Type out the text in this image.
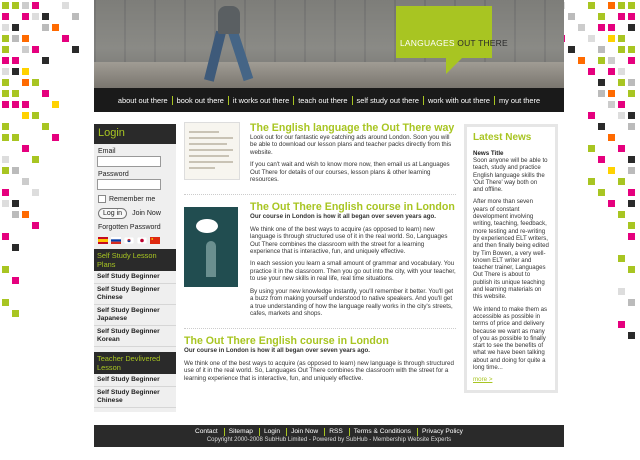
LANGUAGES OUT THERE
about out there	book out there	it works out there	teach out there	self study out there	work with out there	my out there
Login
Email
Password
Remember me
Log in	Join Now
Forgotten Password
Self Study Lesson Plans
Self Study Beginner
Self Study Beginner Chinese
Self Study Beginner Japanese
Self Study Beginner Korean
Teacher Devlivered Lesson
Self Study Beginner
Self Study Beginner Chinese
The English language the Out There way

Look out for our fantastic eye catching ads around London. Soon you will be able to download our lesson plans and teacher packs directly from this website.

If you can't wait and wish to know more now, then email us at Languages Out There for details of our courses, lesson plans & other learning resources.

The Out There English course in London

Our course in London is how it all began over seven years ago.

We think one of the best ways to acquire (as opposed to learn) new language is through structured use of it in the real world. So, Languages Out There combines the classroom with the street for a learning experience that is interactive, fun, and uniquely effective.

In each session you learn a small amount of grammar and vocabulary. You practice it in the classroom. Then you go out into the city, with your teacher, to use your new skills in real life, real time situations.

By using your new knowledge instantly, you'll remember it better. You'll get a buzz from making yourself understood to native speakers. And you'll get a true understanding of how the language really works in the city's streets, cafes, markets and shops.

The Out There English course in London

Our course in London is how it all began over seven years ago.

We think one of the best ways to acquire (as opposed to learn) new language is through structured use of it in the real world. So, Languages Out There combines the classroom with the street for a learning experience that is interactive, fun, and uniquely effective.

Latest News
News Title

Soon anyone will be able to teach, study and practice English language skills the 'Out There' way both on and offline.

After more than seven years of constant development involving writing, teaching, feedback, more testing and re-writing by experienced ELT writers, and then finally being edited by Tim Bowen, a very well-known ELT writer and teacher trainer, Languages Out There is about to publish its unique teaching and learning materials on this website.

We intend to make them as accessible as possible in terms of price and delivery because we want as many of you as possible to finally start to see the benefits of what we have been talking about and doing for quite a long time...

more >
Contact	Sitemap	Login	Join Now	RSS	Terms & Conditions	Privacy Policy
Copyright 2000-2008 SubHub Limited - Powered by SubHub - Membership Website Experts
